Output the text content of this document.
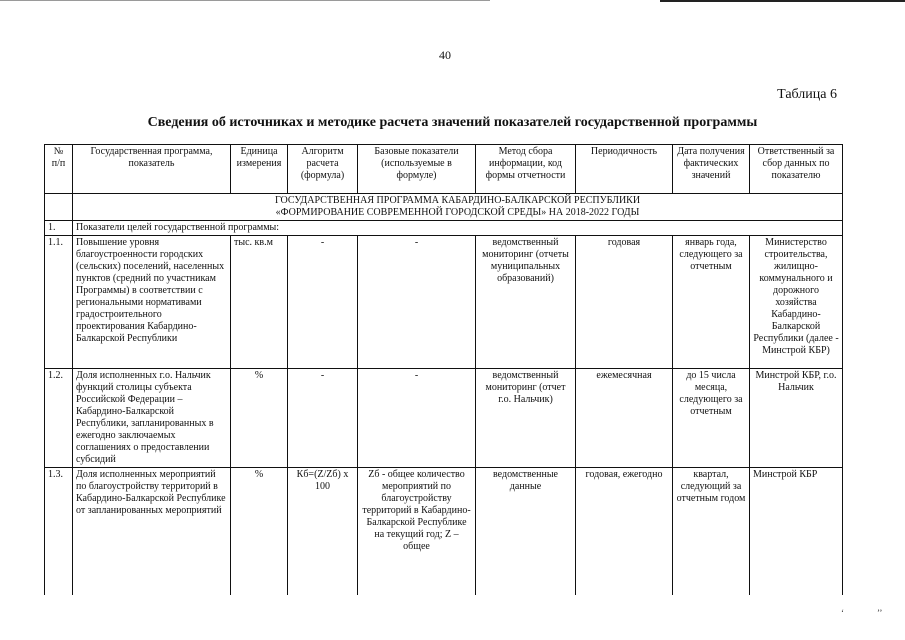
40
Таблица 6
Сведения об источниках и методике расчета значений показателей государственной программы
№
п/п	Государственная программа, показатель	Единица измерения	Алгоритм расчета (формула)	Базовые показатели (используемые в формуле)	Метод сбора информации, код формы отчетности	Периодичность	Дата получения фактических значений	Ответственный за сбор данных по показателю

	ГОСУДАРСТВЕННАЯ ПРОГРАММА КАБАРДИНО-БАЛКАРСКОЙ РЕСПУБЛИКИ
«ФОРМИРОВАНИЕ СОВРЕМЕННОЙ ГОРОДСКОЙ СРЕДЫ» НА 2018-2022 ГОДЫ							

1.	Показатели целей государственной программы:							
1.1.	Повышение уровня благоустроенности городских (сельских) поселений, населенных пунктов (средний по участникам Программы) в соответствии с региональными нормативами градостроительного проектирования Кабардино-Балкарской Республики	тыс. кв.м	-	-	ведомственный мониторинг (отчеты муниципальных образований)	годовая	январь года, следующего за отчетным	Министерство строительства, жилищно-коммунального и дорожного хозяйства Кабардино-Балкарской Республики (далее - Минстрой КБР)
1.2.	Доля исполненных г.о. Нальчик функций столицы субъекта Российской Федерации – Кабардино-Балкарской Республики, запланированных в ежегодно заключаемых соглашениях о предоставлении субсидий	%	-	-	ведомственный мониторинг (отчет г.о. Нальчик)	ежемесячная	до 15 числа месяца, следующего за отчетным	Минстрой КБР, г.о. Нальчик
1.3.	Доля исполненных мероприятий по благоустройству территорий в Кабардино-Балкарской Республике от запланированных мероприятий	%	Кб=(Z/Zб) х 100	Zб - общее количество мероприятий по благоустройству территорий в Кабардино-Балкарской Республике на текущий год; Z – общее	ведомственные данные	годовая, ежегодно	квартал, следующий за отчетным годом	Минстрой КБР
‘	’’
